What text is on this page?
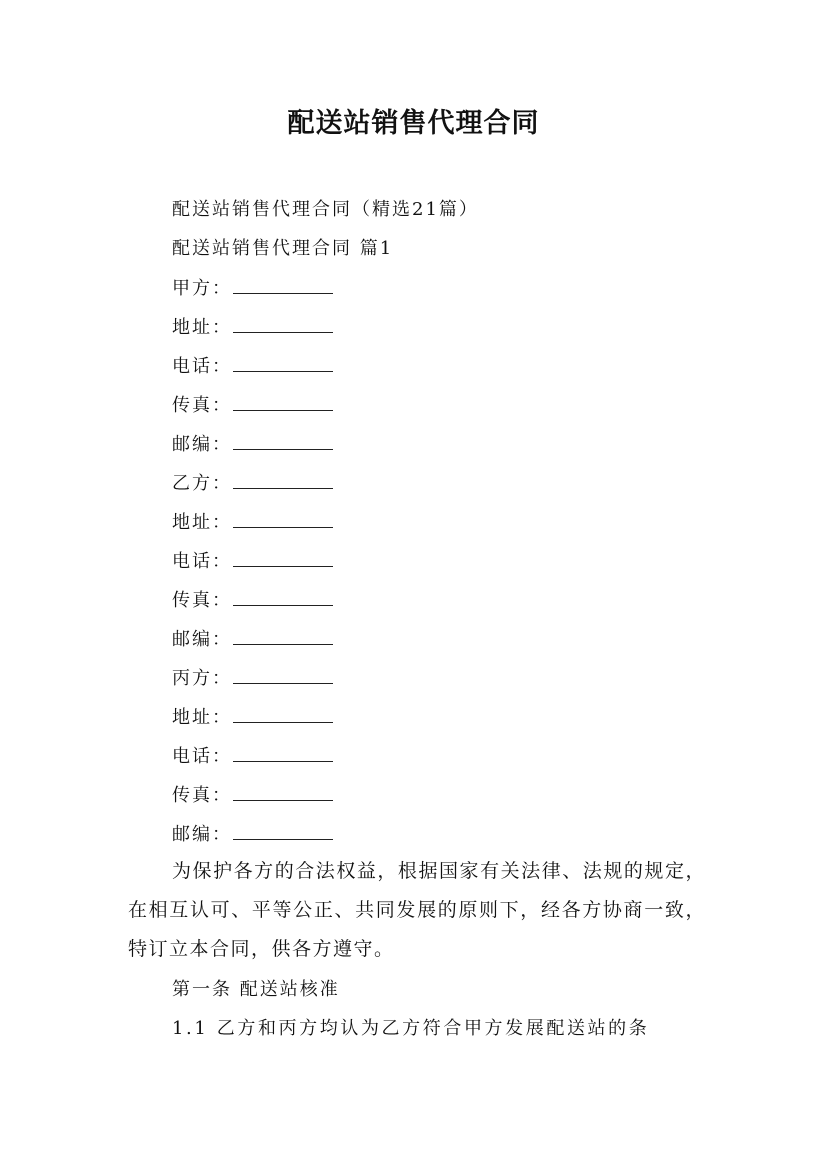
配送站销售代理合同
配送站销售代理合同（精选21篇）
配送站销售代理合同 篇1
甲方：
地址：
电话：
传真：
邮编：
乙方：
地址：
电话：
传真：
邮编：
丙方：
地址：
电话：
传真：
邮编：
为保护各方的合法权益，根据国家有关法律、法规的规定，在相互认可、平等公正、共同发展的原则下，经各方协商一致，特订立本合同，供各方遵守。
第一条 配送站核准
1.1 乙方和丙方均认为乙方符合甲方发展配送站的条
